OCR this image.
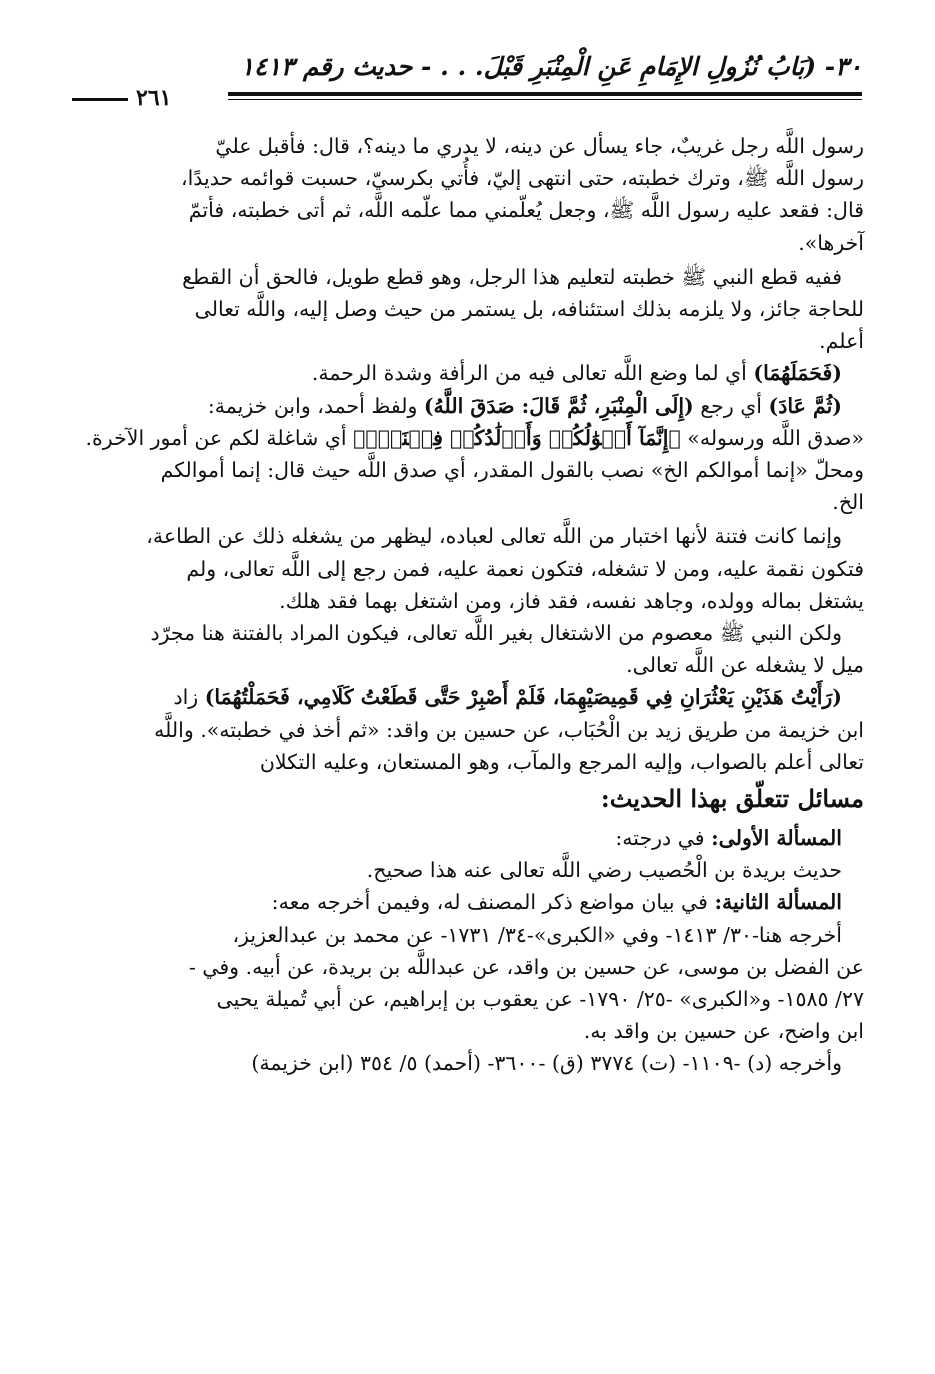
٣٠- (بَابُ نُزُولِ الإِمَامِ عَنِ الْمِنْبَرِ قَبْلَ. . . - حديث رقم ١٤١٣
٢٦١

رسول اللَّه رجل غريبٌ، جاء يسأل عن دينه، لا يدري ما دينه؟، قال: فأقبل عليّ

رسول اللَّه ﷺ، وترك خطبته، حتى انتهى إليّ، فأُتي بكرسيّ، حسبت قوائمه حديدًا،

قال: فقعد عليه رسول اللَّه ﷺ، وجعل يُعلّمني مما علّمه اللَّه، ثم أتى خطبته، فأتمّ

آخرها».

ففيه قطع النبي ﷺ خطبته لتعليم هذا الرجل، وهو قطع طويل، فالحق أن القطع

للحاجة جائز، ولا يلزمه بذلك استئنافه، بل يستمر من حيث وصل إليه، واللَّه تعالى

أعلم.

(فَحَمَلَهُمَا) أي لما وضع اللَّه تعالى فيه من الرأفة وشدة الرحمة.

(ثُمَّ عَادَ) أي رجع (إِلَى الْمِنْبَرِ، ثُمَّ قَالَ: صَدَقَ اللَّهُ) ولفظ أحمد، وابن خزيمة:

«صدق اللَّه ورسوله» ﴿إِنَّمَآ أَمۡوَٰلُكُمۡ وَأَوۡلَٰدُكُمۡ فِتۡنَةٞۚ﴾ أي شاغلة لكم عن أمور الآخرة.

ومحلّ «إنما أموالكم الخ» نصب بالقول المقدر، أي صدق اللَّه حيث قال: إنما أموالكم

الخ.

وإنما كانت فتنة لأنها اختبار من اللَّه تعالى لعباده، ليظهر من يشغله ذلك عن الطاعة،

فتكون نقمة عليه، ومن لا تشغله، فتكون نعمة عليه، فمن رجع إلى اللَّه تعالى، ولم

يشتغل بماله وولده، وجاهد نفسه، فقد فاز، ومن اشتغل بهما فقد هلك.

ولكن النبي ﷺ معصوم من الاشتغال بغير اللَّه تعالى، فيكون المراد بالفتنة هنا مجرّد

ميل لا يشغله عن اللَّه تعالى.

(رَأَيْتُ هَذَيْنِ يَعْثُرَانِ فِي قَمِيصَيْهِمَا، فَلَمْ أَصْبِرْ حَتَّى قَطَعْتُ كَلَامِي، فَحَمَلْتُهُمَا) زاد

ابن خزيمة من طريق زيد بن الْحُبَاب، عن حسين بن واقد: «ثم أخذ في خطبته». واللَّه

تعالى أعلم بالصواب، وإليه المرجع والمآب، وهو المستعان، وعليه التكلان

مسائل تتعلّق بهذا الحديث:

المسألة الأولى: في درجته:

حديث بريدة بن الْحُصيب رضي اللَّه تعالى عنه هذا صحيح.

المسألة الثانية: في بيان مواضع ذكر المصنف له، وفيمن أخرجه معه:

أخرجه هنا-٣٠/ ١٤١٣- وفي «الكبرى»-٣٤/ ١٧٣١- عن محمد بن عبدالعزيز،

عن الفضل بن موسى، عن حسين بن واقد، عن عبداللَّه بن بريدة، عن أبيه. وفي -

٢٧/ ١٥٨٥- و«الكبرى» -٢٥/ ١٧٩٠- عن يعقوب بن إبراهيم، عن أبي تُميلة يحيى

ابن واضح، عن حسين بن واقد به.

وأخرجه (د) -١١٠٩- (ت) ٣٧٧٤ (ق) -٣٦٠٠- (أحمد) ٥/ ٣٥٤ (ابن خزيمة)
